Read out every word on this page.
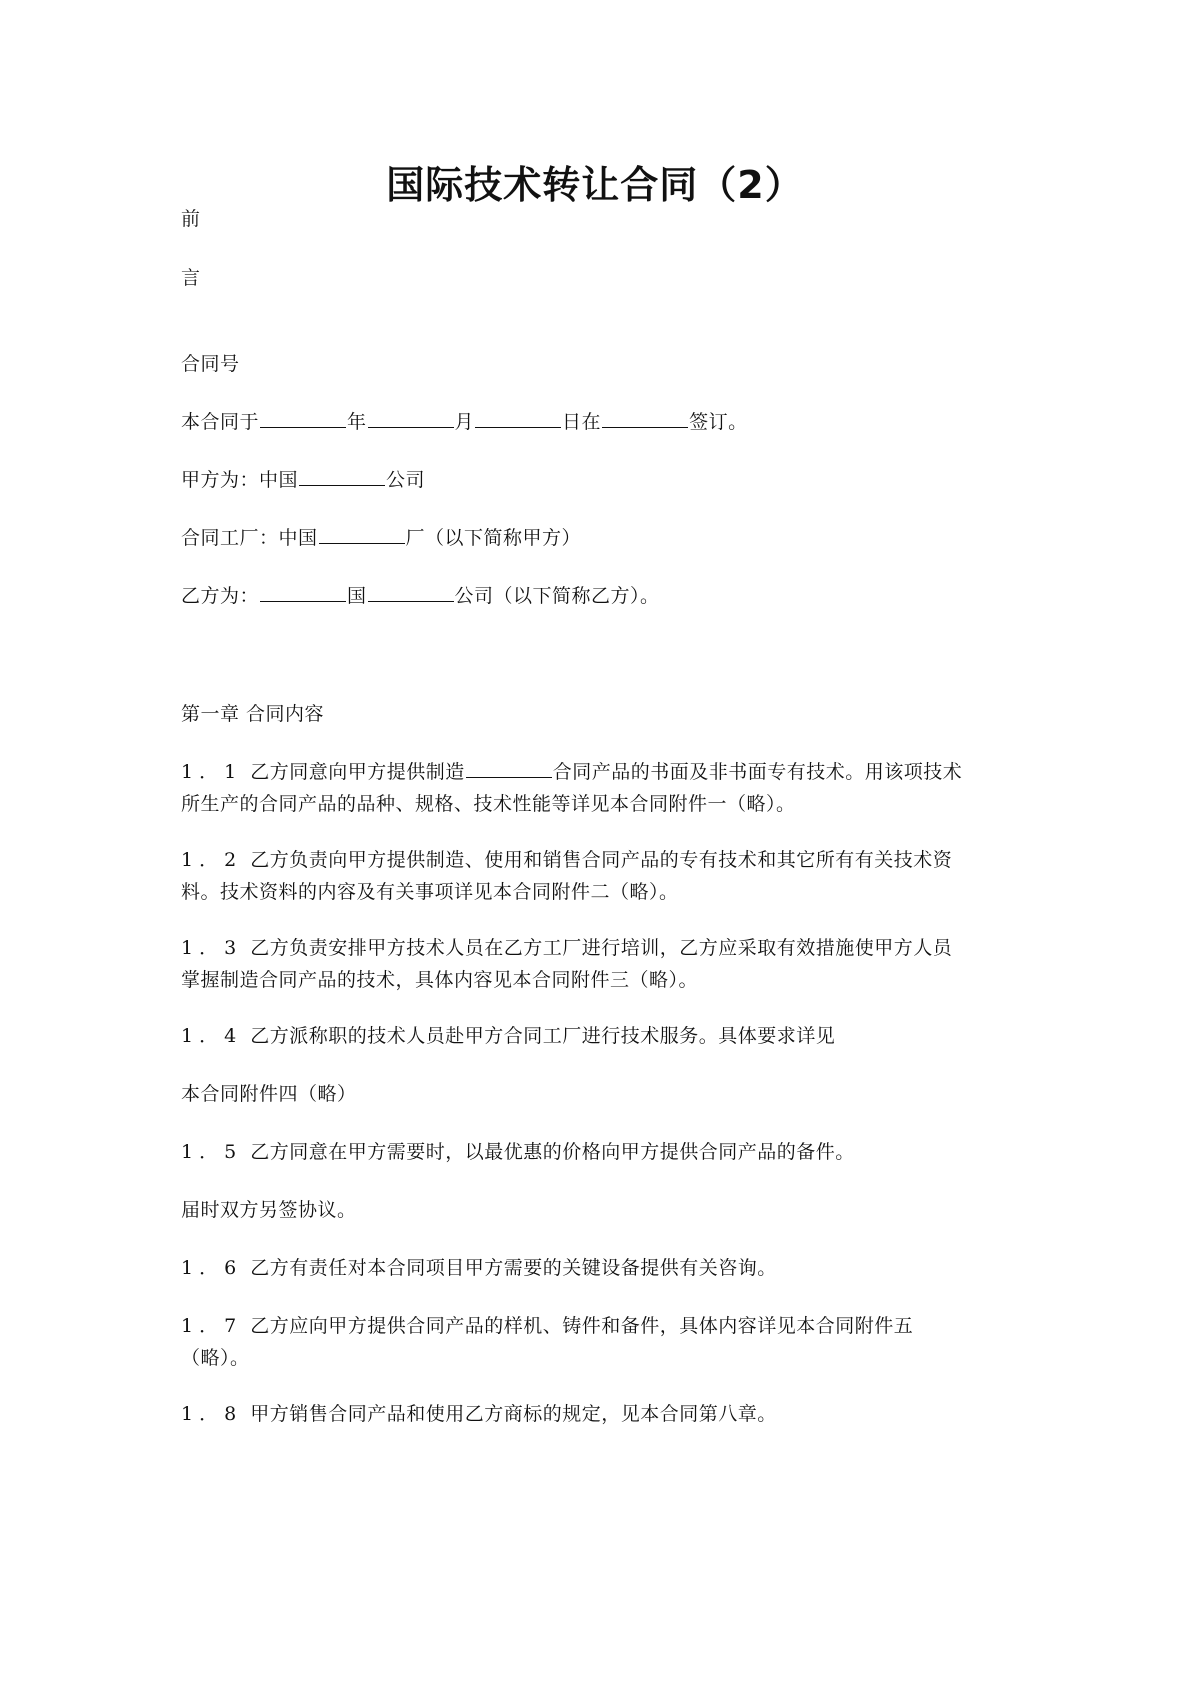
国际技术转让合同（2）
前
言
合同号
本合同于	年	月	日在	签订。
甲方为：中国	公司
合同工厂：中国	厂（以下简称甲方）
乙方为：	国	公司（以下简称乙方）。
第一章 合同内容
1．1 乙方同意向甲方提供制造	合同产品的书面及非书面专有技术。用该项技术
所生产的合同产品的品种、规格、技术性能等详见本合同附件一（略）。
1．2 乙方负责向甲方提供制造、使用和销售合同产品的专有技术和其它所有有关技术资
料。技术资料的内容及有关事项详见本合同附件二（略）。
1．3 乙方负责安排甲方技术人员在乙方工厂进行培训，乙方应采取有效措施使甲方人员
掌握制造合同产品的技术，具体内容见本合同附件三（略）。
1．4 乙方派称职的技术人员赴甲方合同工厂进行技术服务。具体要求详见
本合同附件四（略）
1．5 乙方同意在甲方需要时，以最优惠的价格向甲方提供合同产品的备件。
届时双方另签协议。
1．6 乙方有责任对本合同项目甲方需要的关键设备提供有关咨询。
1．7 乙方应向甲方提供合同产品的样机、铸件和备件，具体内容详见本合同附件五
（略）。
1．8 甲方销售合同产品和使用乙方商标的规定，见本合同第八章。
